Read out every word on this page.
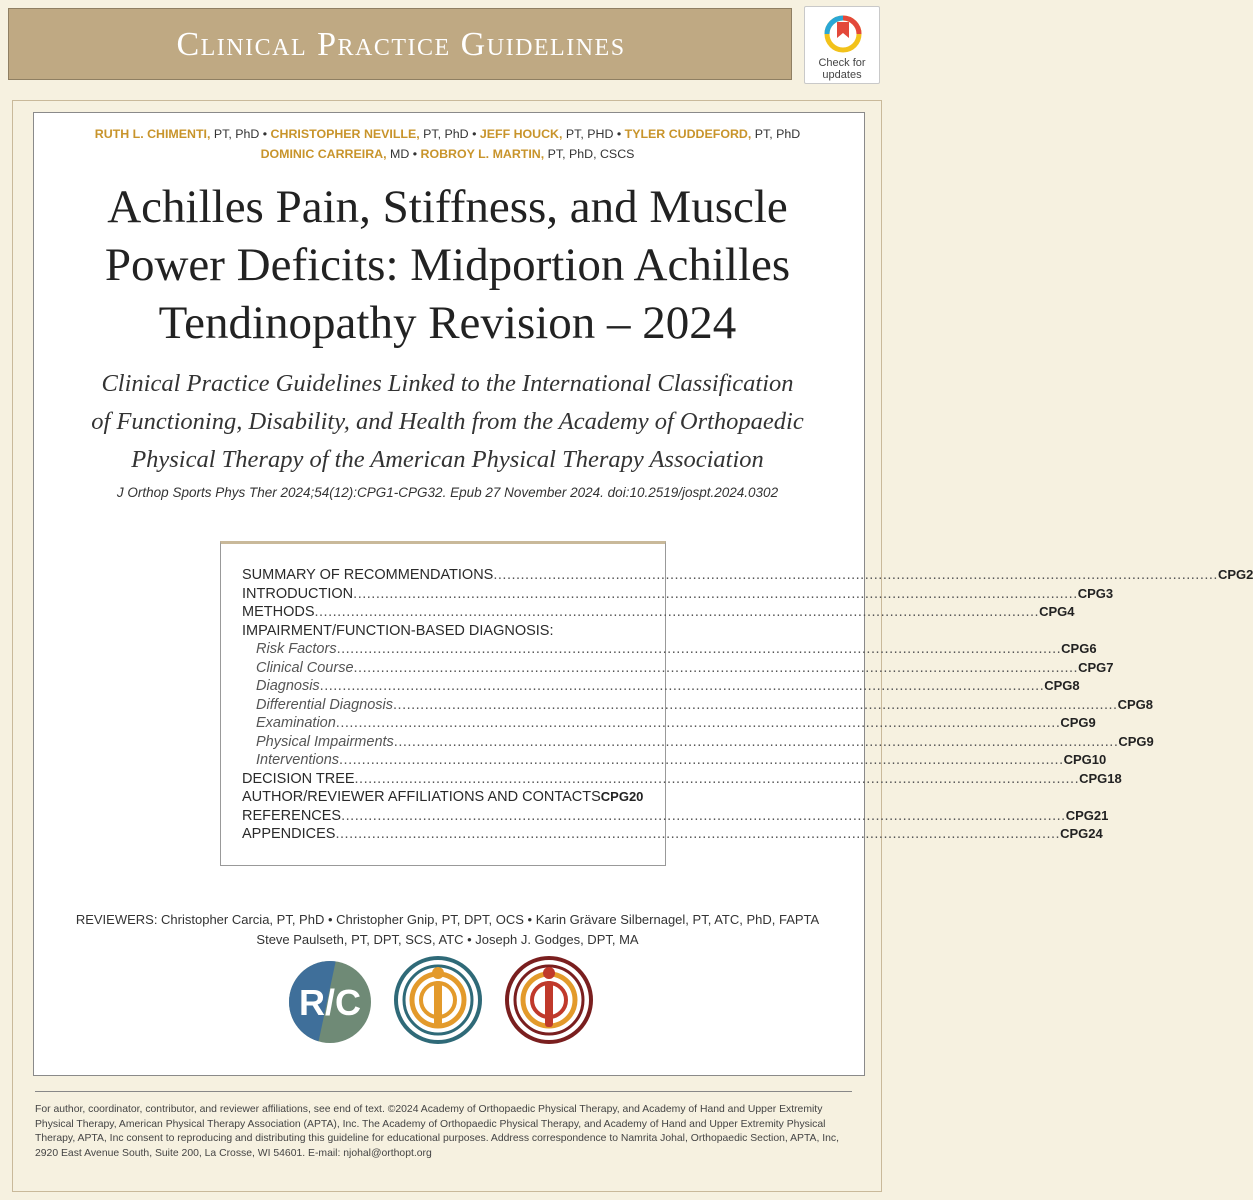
Clinical Practice Guidelines	Check for
updates
RUTH L. CHIMENTI, PT, PhD • CHRISTOPHER NEVILLE, PT, PhD • JEFF HOUCK, PT, PHD • TYLER CUDDEFORD, PT, PhD
DOMINIC CARREIRA, MD • ROBROY L. MARTIN, PT, PhD, CSCS
Achilles Pain, Stiffness, and Muscle
Power Deficits: Midportion Achilles
Tendinopathy Revision – 2024
Clinical Practice Guidelines Linked to the International Classification
of Functioning, Disability, and Health from the Academy of Orthopaedic
Physical Therapy of the American Physical Therapy Association
J Orthop Sports Phys Ther 2024;54(12):CPG1-CPG32. Epub 27 November 2024. doi:10.2519/jospt.2024.0302
SUMMARY OF RECOMMENDATIONS .....	CPG2
INTRODUCTION .....	CPG3
METHODS .....	CPG4
IMPAIRMENT/FUNCTION-BASED DIAGNOSIS:
Risk Factors .....	CPG6
Clinical Course .....	CPG7
Diagnosis .....	CPG8
Differential Diagnosis .....	CPG8
Examination .....	CPG9
Physical Impairments .....	CPG9
Interventions .....	CPG10
DECISION TREE .....	CPG18
AUTHOR/REVIEWER AFFILIATIONS AND CONTACTS CPG20
REFERENCES .....	CPG21
APPENDICES .....	CPG24
REVIEWERS: Christopher Carcia, PT, PhD • Christopher Gnip, PT, DPT, OCS • Karin Grävare Silbernagel, PT, ATC, PhD, FAPTA
Steve Paulseth, PT, DPT, SCS, ATC • Joseph J. Godges, DPT, MA
R/C
For author, coordinator, contributor, and reviewer affiliations, see end of text. ©2024 Academy of Orthopaedic Physical Therapy, and Academy of Hand and Upper Extremity Physical Therapy, American Physical Therapy Association (APTA), Inc. The Academy of Orthopaedic Physical Therapy, and Academy of Hand and Upper Extremity Physical Therapy, APTA, Inc consent to reproducing and distributing this guideline for educational purposes. Address correspondence to Namrita Johal, Orthopaedic Section, APTA, Inc, 2920 East Avenue South, Suite 200, La Crosse, WI 54601. E-mail: njohal@orthopt.org
